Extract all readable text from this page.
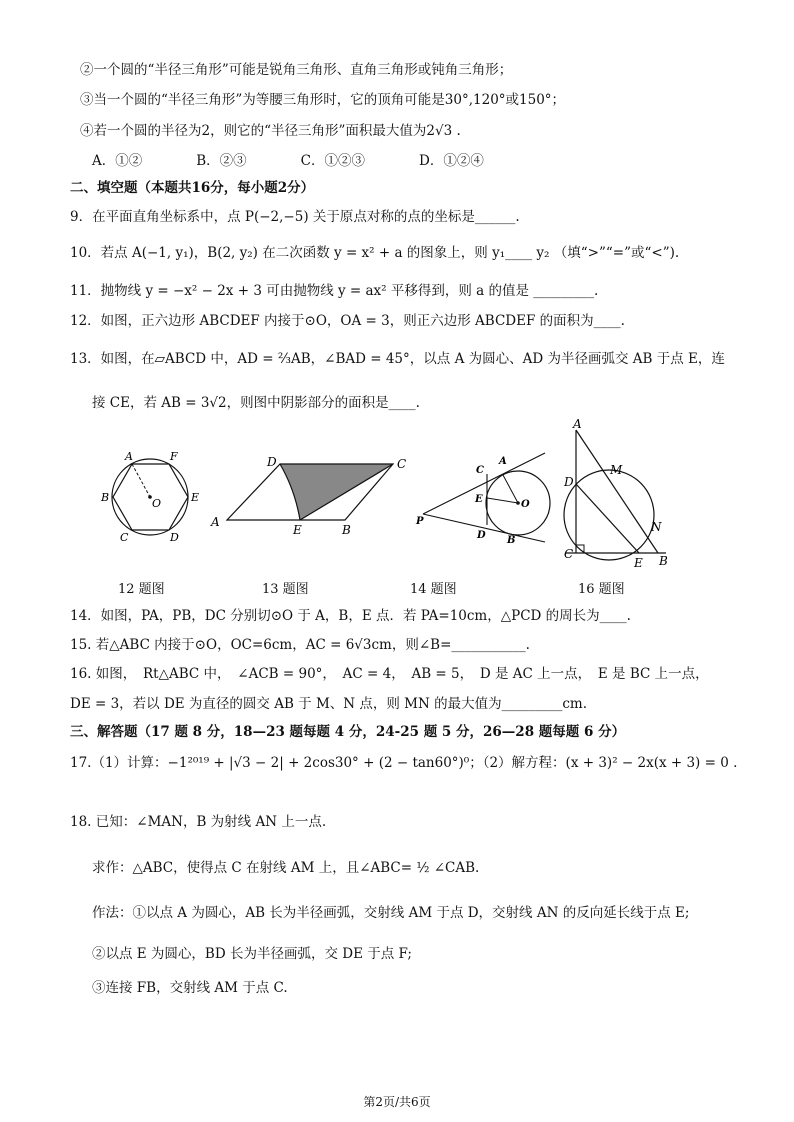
②一个圆的“半径三角形”可能是锐角三角形、直角三角形或钝角三角形；
③当一个圆的“半径三角形”为等腰三角形时，它的顶角可能是30°,120°或150°；
④若一个圆的半径为2，则它的“半径三角形”面积最大值为2√3 .
A．①②　　　　B．②③　　　　C．①②③　　　　D．①②④
二、填空题（本题共16分，每小题2分）
9．在平面直角坐标系中，点 P(−2,−5) 关于原点对称的点的坐标是______.
10．若点 A(−1, y₁)，B(2, y₂) 在二次函数 y = x² + a 的图象上，则 y₁____ y₂ （填“>”“=”或“<”).
11．抛物线 y = −x² − 2x + 3 可由抛物线 y = ax² 平移得到，则 a 的值是 _________.
12．如图，正六边形 ABCDEF 内接于⊙O，OA = 3，则正六边形 ABCDEF 的面积为____.
13．如图，在▱ABCD 中，AD = ⅔AB，∠BAD = 45°，以点 A 为圆心、AD 为半径画弧交 AB 于点 E，连
接 CE，若 AB = 3√2，则图中阴影部分的面积是____.
14．如图，PA，PB，DC 分别切⊙O 于 A，B，E 点．若 PA=10cm，△PCD 的周长为____.
15. 若△ABC 内接于⊙O，OC=6cm，AC = 6√3cm，则∠B=___________.
16. 如图，　Rt△ABC 中，　∠ACB = 90°，　AC = 4，　AB = 5，　D 是 AC 上一点，　E 是 BC 上一点，
DE = 3，若以 DE 为直径的圆交 AB 于 M、N 点，则 MN 的最大值为_________cm.
三、解答题（17 题 8 分，18—23 题每题 4 分，24-25 题 5 分，26—28 题每题 6 分）
17.（1）计算：−1²⁰¹⁹ + |√3 − 2| + 2cos30° + (2 − tan60°)⁰；（2）解方程：(x + 3)² − 2x(x + 3) = 0 .
18. 已知：∠MAN，B 为射线 AN 上一点.
求作：△ABC，使得点 C 在射线 AM 上，且∠ABC= ½ ∠CAB.
作法：①以点 A 为圆心，AB 长为半径画弧，交射线 AM 于点 D，交射线 AN 的反向延长线于点 E;
②以点 E 为圆心，BD 长为半径画弧，交 DE 于点 F;
③连接 FB，交射线 AM 于点 C.
A	F
B	E
C	D
O
D	C
A
E	B
C
A
E	O
P
D B
A
D
M
N
C
E B
12 题图	13 题图	14 题图	16 题图
第2页/共6页
